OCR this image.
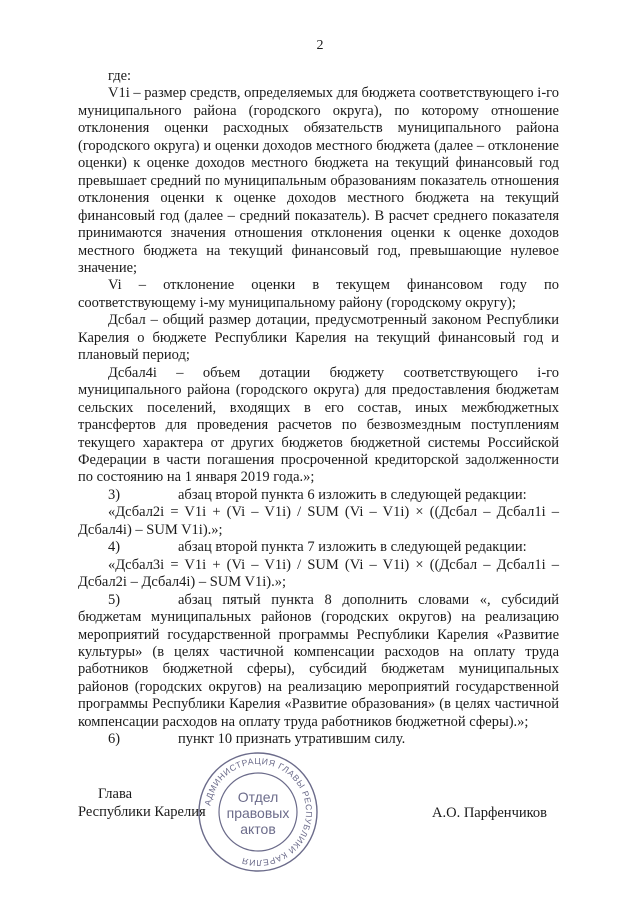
2

где:

V1i – размер средств, определяемых для бюджета соответствующего i-го муниципального района (городского округа), по которому отношение отклонения оценки расходных обязательств муниципального района (городского округа) и оценки доходов местного бюджета (далее – отклонение оценки) к оценке доходов местного бюджета на текущий финансовый год превышает средний по муниципальным образованиям показатель отношения отклонения оценки к оценке доходов местного бюджета на текущий финансовый год (далее – средний показатель). В расчет среднего показателя принимаются значения отношения отклонения оценки к оценке доходов местного бюджета на текущий финансовый год, превышающие нулевое значение;

Vi – отклонение оценки в текущем финансовом году по соответствующему i-му муниципальному району (городскому округу);

Дсбал – общий размер дотации, предусмотренный законом Республики Карелия о бюджете Республики Карелия на текущий финансовый год и плановый период;

Дсбал4i – объем дотации бюджету соответствующего i-го муниципального района (городского округа) для предоставления бюджетам сельских поселений, входящих в его состав, иных межбюджетных трансфертов для проведения расчетов по безвозмездным поступлениям текущего характера от других бюджетов бюджетной системы Российской Федерации в части погашения просроченной кредиторской задолженности по состоянию на 1 января 2019 года.»;

3)	абзац второй пункта 6 изложить в следующей редакции:

«Дсбал2i = V1i + (Vi – V1i) / SUM (Vi – V1i) × ((Дсбал – Дсбал1i – Дсбал4i) – SUM V1i).»;

4)	абзац второй пункта 7 изложить в следующей редакции:

«Дсбал3i = V1i + (Vi – V1i) / SUM (Vi – V1i) × ((Дсбал – Дсбал1i – Дсбал2i – Дсбал4i) – SUM V1i).»;

5)	абзац пятый пункта 8 дополнить словами «, субсидий бюджетам муниципальных районов (городских округов) на реализацию мероприятий государственной программы Республики Карелия «Развитие культуры» (в целях частичной компенсации расходов на оплату труда работников бюджетной сферы), субсидий бюджетам муниципальных районов (городских округов) на реализацию мероприятий государственной программы Республики Карелия «Развитие образования» (в целях частичной компенсации расходов на оплату труда работников бюджетной сферы).»;

6)	пункт 10 признать утратившим силу.

Глава
Республики Карелия	А.О. Парфенчиков
АДМИНИСТРАЦИЯ ГЛАВЫ РЕСПУБЛИКИ КАРЕЛИЯ
Отдел
правовых
актов
